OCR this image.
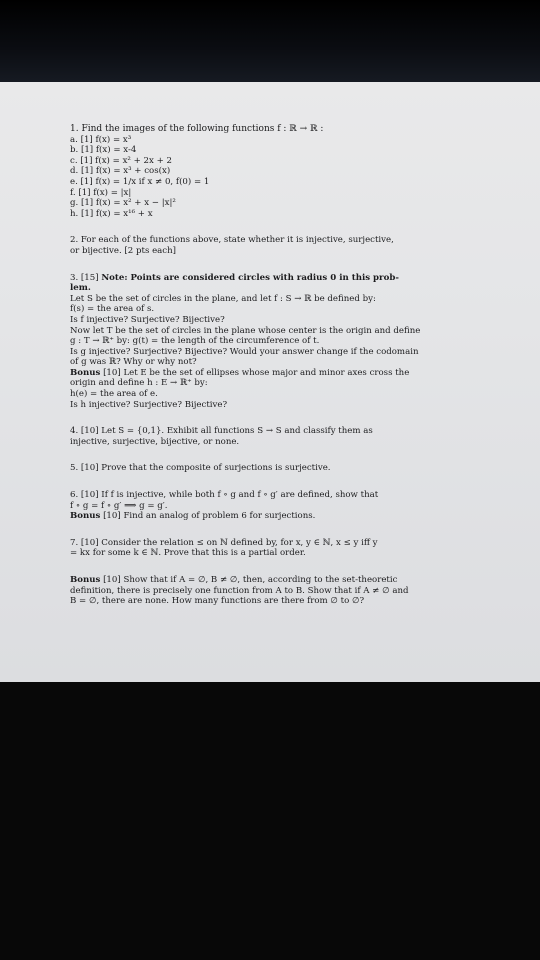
1. Find the images of the following functions f : ℝ → ℝ :
a. [1] f(x) = x³
b. [1] f(x) = x-4
c. [1] f(x) = x² + 2x + 2
d. [1] f(x) = x³ + cos(x)
e. [1] f(x) = 1/x if x ≠ 0, f(0) = 1
f. [1] f(x) = |x|
g. [1] f(x) = x² + x − |x|²
h. [1] f(x) = x¹⁶ + x
2. For each of the functions above, state whether it is injective, surjective,
or bijective. [2 pts each]
3. [15] Note: Points are considered circles with radius 0 in this prob-
lem.
Let S be the set of circles in the plane, and let f : S → ℝ be defined by:
f(s) = the area of s.
Is f injective? Surjective? Bijective?
Now let T be the set of circles in the plane whose center is the origin and define
g : T → ℝ⁺ by: g(t) = the length of the circumference of t.
Is g injective? Surjective? Bijective? Would your answer change if the codomain
of g was ℝ? Why or why not?
Bonus [10] Let E be the set of ellipses whose major and minor axes cross the
origin and define h : E → ℝ⁺ by:
h(e) = the area of e.
Is h injective? Surjective? Bijective?
4. [10] Let S = {0,1}. Exhibit all functions S → S and classify them as
injective, surjective, bijective, or none.
5. [10] Prove that the composite of surjections is surjective.
6. [10] If f is injective, while both f ∘ g and f ∘ g′ are defined, show that
f ∘ g = f ∘ g′ ⟹ g = g′.
Bonus [10] Find an analog of problem 6 for surjections.
7. [10] Consider the relation ≤ on ℕ defined by, for x, y ∈ ℕ, x ≤ y iff y
= kx for some k ∈ ℕ. Prove that this is a partial order.
Bonus [10] Show that if A = ∅, B ≠ ∅, then, according to the set-theoretic
definition, there is precisely one function from A to B. Show that if A ≠ ∅ and
B = ∅, there are none. How many functions are there from ∅ to ∅?
